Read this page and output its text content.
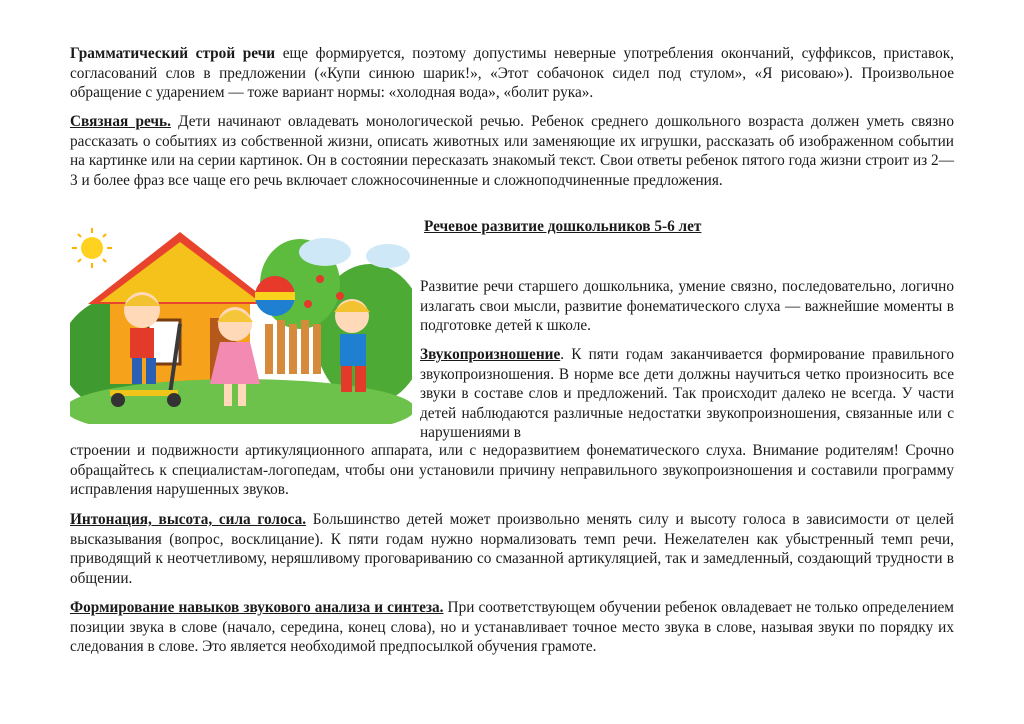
Грамматический строй речи еще формируется, поэтому допустимы неверные употребления окончаний, суффиксов, приставок, согласований слов в предложении («Купи синюю шарик!», «Этот собачонок сидел под стулом», «Я рисоваю»). Произвольное обращение с ударением — тоже вариант нормы: «холодная вода», «болит рука».

Связная речь. Дети начинают овладевать монологической речью. Ребенок среднего дошкольного возраста должен уметь связно рассказать о событиях из собственной жизни, описать животных или заменяющие их игрушки, рассказать об изображенном событии на картинке или на серии картинок. Он в состоянии пересказать знакомый текст. Свои ответы ребенок пятого года жизни строит из 2—3 и более фраз все чаще его речь включает сложносочиненные и сложноподчиненные предложения.

Речевое развитие дошкольников 5-6 лет

Развитие речи старшего дошкольника, умение связно, последовательно, логично излагать свои мысли, развитие фонематического слуха — важнейшие моменты в подготовке детей к школе.

Звукопроизношение. К пяти годам заканчивается формирование правильного звукопроизношения. В норме все дети должны научиться четко произносить все звуки в составе слов и предложений. Так происходит далеко не всегда. У части детей наблюдаются различные недостатки звукопроизношения, связанные или с нарушениями в

строении и подвижности артикуляционного аппарата, или с недоразвитием фонематического слуха. Внимание родителям! Срочно обращайтесь к специалистам-логопедам, чтобы они установили причину неправильного звукопроизношения и составили программу исправления нарушенных звуков.

Интонация, высота, сила голоса. Большинство детей может произвольно менять силу и высоту голоса в зависимости от целей высказывания (вопрос, восклицание). К пяти годам нужно нормализовать темп речи. Нежелателен как убыстренный темп речи, приводящий к неотчетливому, неряшливому проговариванию со смазанной артикуляцией, так и замедленный, создающий трудности в общении.

Формирование навыков звукового анализа и синтеза. При соответствующем обучении ребенок овладевает не только определением позиции звука в слове (начало, середина, конец слова), но и устанавливает точное место звука в слове, называя звуки по порядку их следования в слове. Это является необходимой предпосылкой обучения грамоте.
